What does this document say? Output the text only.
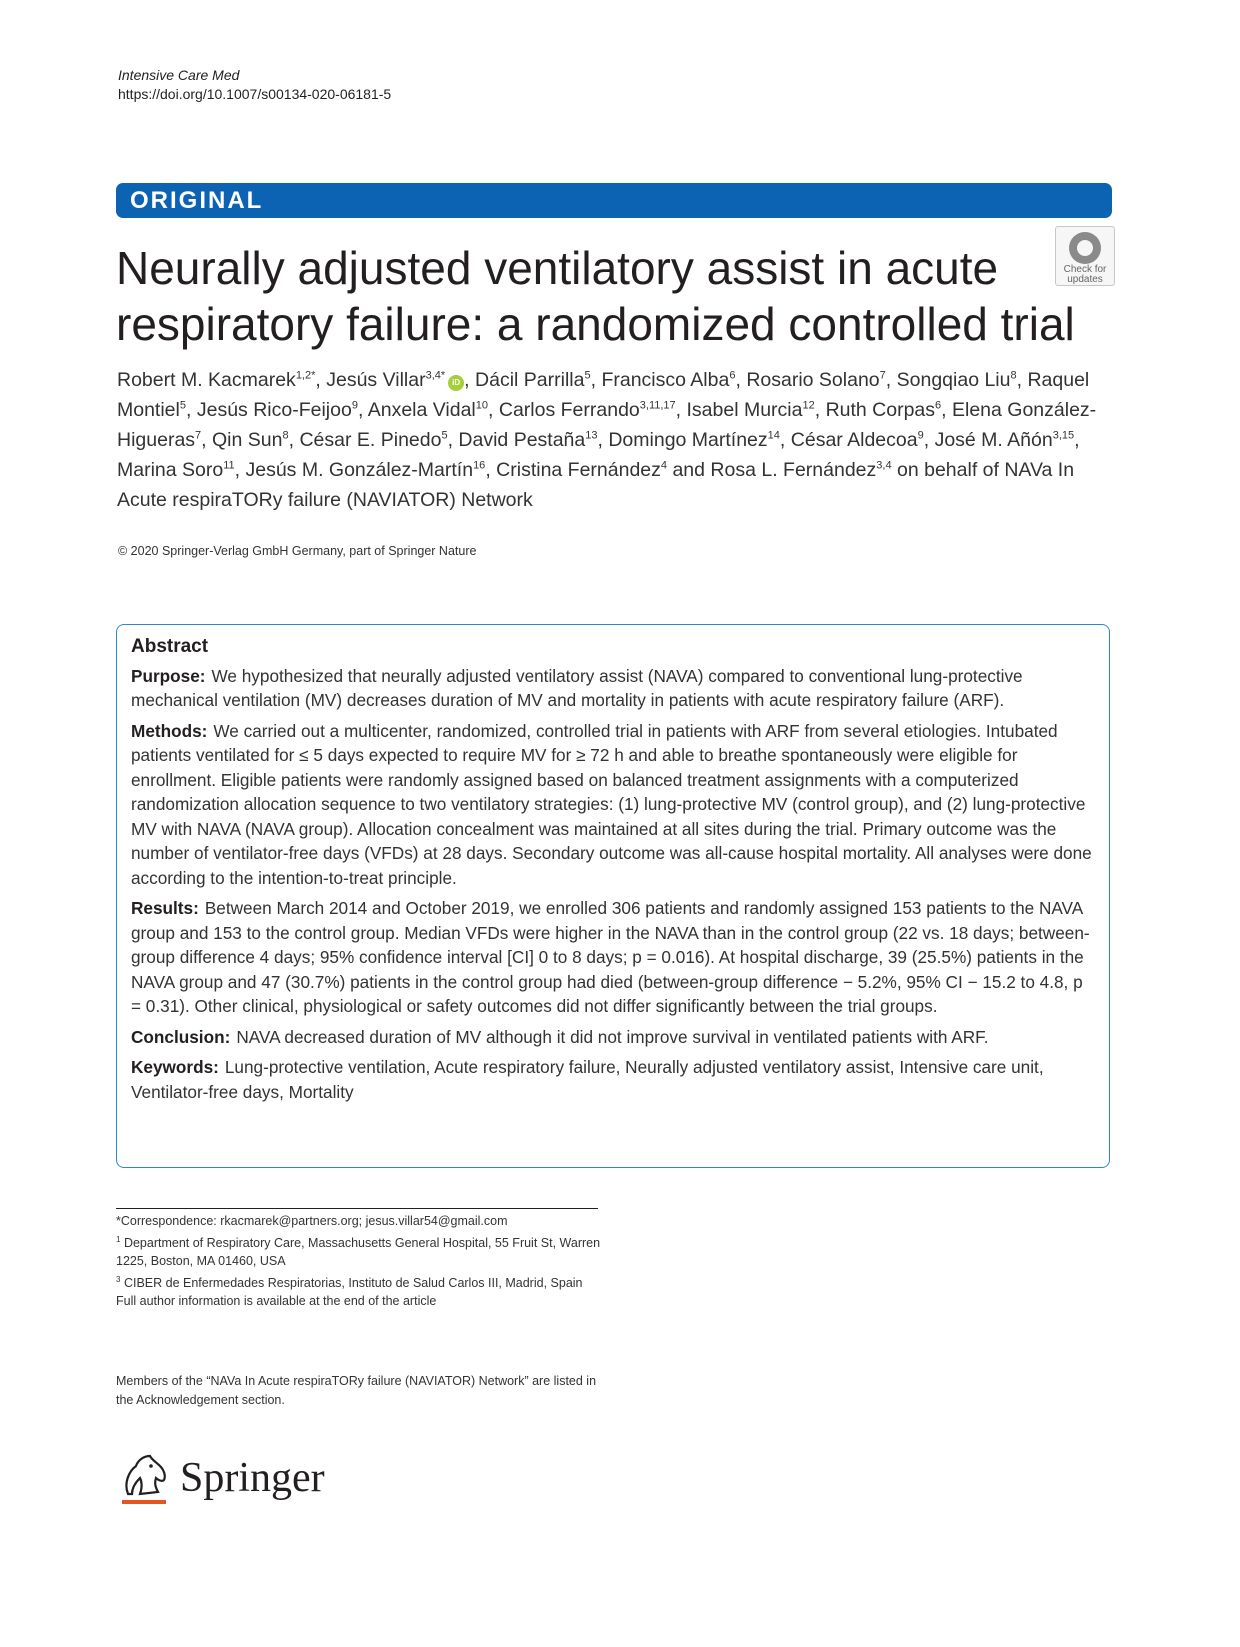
Intensive Care Med
https://doi.org/10.1007/s00134-020-06181-5
ORIGINAL
Check for
updates
Neurally adjusted ventilatory assist in acute respiratory failure: a randomized controlled trial
Robert M. Kacmarek$^{1,2*}$, Jesús Villar$^{3,4*}$iD , Dácil Parrilla$^5$, Francisco Alba$^6$, Rosario Solano$^7$, Songqiao Liu$^8$, Raquel Montiel$^5$, Jesús Rico-Feijoo$^9$, Anxela Vidal$^{10}$, Carlos Ferrando$^{3,11,17}$, Isabel Murcia$^{12}$, Ruth Corpas$^6$, Elena González-Higueras$^7$, Qin Sun$^8$, César E. Pinedo$^5$, David Pestaña$^{13}$, Domingo Martínez$^{14}$, César Aldecoa$^9$, José M. Añón$^{3,15}$, Marina Soro$^{11}$, Jesús M. González-Martín$^{16}$, Cristina Fernández$^4$ and Rosa L. Fernández$^{3,4}$ on behalf of NAVa In Acute respiraTORy failure (NAVIATOR) Network
© 2020 Springer-Verlag GmbH Germany, part of Springer Nature
Abstract

Purpose: We hypothesized that neurally adjusted ventilatory assist (NAVA) compared to conventional lung-protective mechanical ventilation (MV) decreases duration of MV and mortality in patients with acute respiratory failure (ARF).

Methods: We carried out a multicenter, randomized, controlled trial in patients with ARF from several etiologies. Intubated patients ventilated for ≤ 5 days expected to require MV for ≥ 72 h and able to breathe spontaneously were eligible for enrollment. Eligible patients were randomly assigned based on balanced treatment assignments with a computerized randomization allocation sequence to two ventilatory strategies: (1) lung-protective MV (control group), and (2) lung-protective MV with NAVA (NAVA group). Allocation concealment was maintained at all sites during the trial. Primary outcome was the number of ventilator-free days (VFDs) at 28 days. Secondary outcome was all-cause hospital mortality. All analyses were done according to the intention-to-treat principle.

Results: Between March 2014 and October 2019, we enrolled 306 patients and randomly assigned 153 patients to the NAVA group and 153 to the control group. Median VFDs were higher in the NAVA than in the control group (22 vs. 18 days; between-group difference 4 days; 95% confidence interval [CI] 0 to 8 days; p = 0.016). At hospital discharge, 39 (25.5%) patients in the NAVA group and 47 (30.7%) patients in the control group had died (between-group difference − 5.2%, 95% CI − 15.2 to 4.8, p = 0.31). Other clinical, physiological or safety outcomes did not differ significantly between the trial groups.

Conclusion: NAVA decreased duration of MV although it did not improve survival in ventilated patients with ARF.

Keywords: Lung-protective ventilation, Acute respiratory failure, Neurally adjusted ventilatory assist, Intensive care unit, Ventilator-free days, Mortality

*Correspondence: rkacmarek@partners.org; jesus.villar54@gmail.com
$^1$ Department of Respiratory Care, Massachusetts General Hospital, 55 Fruit St, Warren 1225, Boston, MA 01460, USA
$^3$ CIBER de Enfermedades Respiratorias, Instituto de Salud Carlos III, Madrid, Spain
Full author information is available at the end of the article
Members of the “NAVa In Acute respiraTORy failure (NAVIATOR) Network” are listed in the Acknowledgement section.
Springer
